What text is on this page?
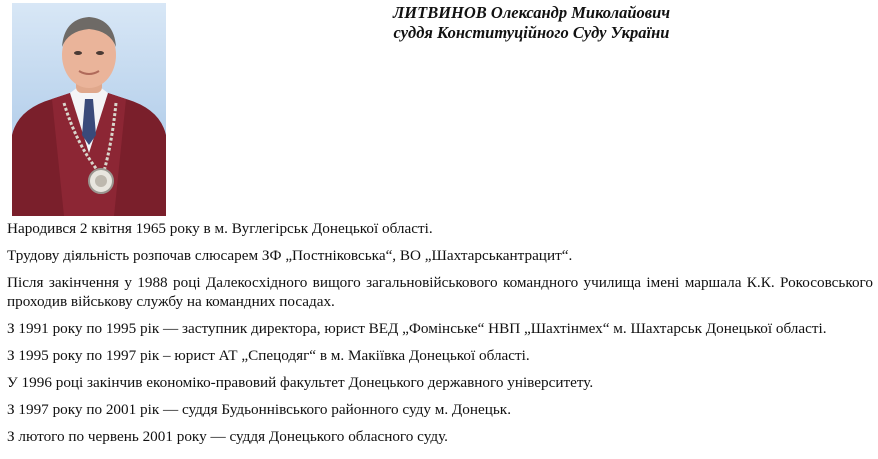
ЛИТВИНОВ Олександр Миколайович
суддя Конституційного Суду України

Народився 2 квітня 1965 року в м. Вуглегірськ Донецької області.

Трудову діяльність розпочав слюсарем ЗФ „Постніковська“, ВО „Шахтарськантрацит“.

Після закінчення у 1988 році Далекосхідного вищого загальновійськового командного училища імені маршала К.К. Рокосовського проходив військову службу на командних посадах.

З 1991 року по 1995 рік — заступник директора, юрист ВЕД „Фомінське“ НВП „Шахтінмех“ м. Шахтарськ Донецької області.

З 1995 року по 1997 рік – юрист АТ „Спецодяг“ в м. Макіївка Донецької області.

У 1996 році закінчив економіко-правовий факультет Донецького державного університету.

З 1997 року по 2001 рік — суддя Будьоннівського районного суду м. Донецьк.

З лютого по червень 2001 року — суддя Донецького обласного суду.
